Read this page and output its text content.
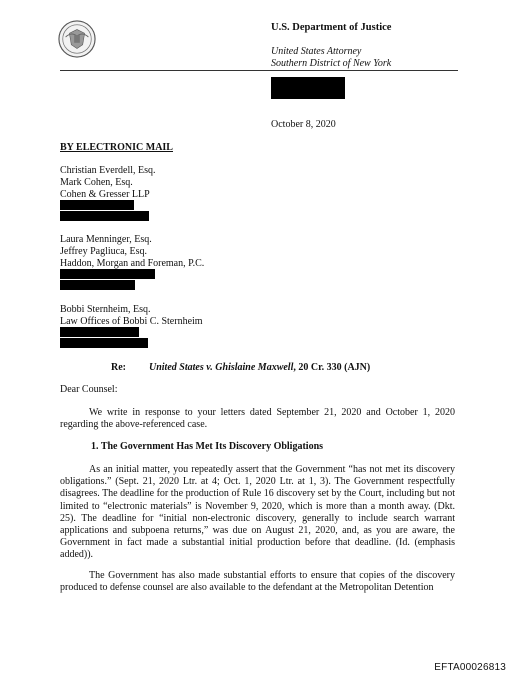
U.S. Department of Justice
United States Attorney
Southern District of New York
October 8, 2020
BY ELECTRONIC MAIL
Christian Everdell, Esq.
Mark Cohen, Esq.
Cohen & Gresser LLP
Laura Menninger, Esq.
Jeffrey Pagliuca, Esq.
Haddon, Morgan and Foreman, P.C.
Bobbi Sternheim, Esq.
Law Offices of Bobbi C. Sternheim
Re: United States v. Ghislaine Maxwell, 20 Cr. 330 (AJN)
Dear Counsel:

We write in response to your letters dated September 21, 2020 and October 1, 2020 regarding the above-referenced case.

1. The Government Has Met Its Discovery Obligations

As an initial matter, you repeatedly assert that the Government “has not met its discovery obligations.” (Sept. 21, 2020 Ltr. at 4; Oct. 1, 2020 Ltr. at 1, 3). The Government respectfully disagrees. The deadline for the production of Rule 16 discovery set by the Court, including but not limited to “electronic materials” is November 9, 2020, which is more than a month away. (Dkt. 25). The deadline for “initial non-electronic discovery, generally to include search warrant applications and subpoena returns,” was due on August 21, 2020, and, as you are aware, the Government in fact made a substantial initial production before that deadline. (Id. (emphasis added)).

The Government has also made substantial efforts to ensure that copies of the discovery produced to defense counsel are also available to the defendant at the Metropolitan Detention

EFTA00026813
